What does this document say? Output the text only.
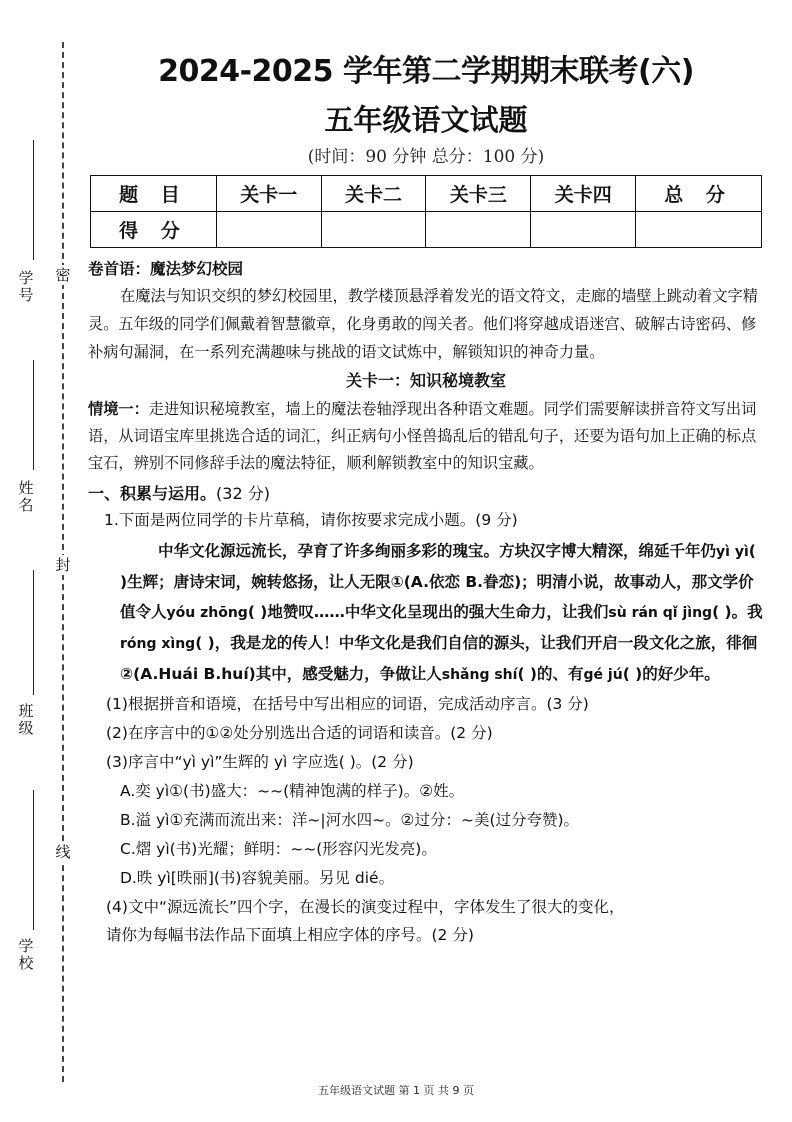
密
封
线
学号
姓名
班级
学校
2024-2025 学年第二学期期末联考(六)
五年级语文试题
(时间：90 分钟 总分：100 分)
题 目	关卡一	关卡二	关卡三	关卡四	总 分
得 分					
卷首语：魔法梦幻校园

在魔法与知识交织的梦幻校园里，教学楼顶悬浮着发光的语文符文，走廊的墙壁上跳动着文字精灵。五年级的同学们佩戴着智慧徽章，化身勇敢的闯关者。他们将穿越成语迷宫、破解古诗密码、修补病句漏洞，在一系列充满趣味与挑战的语文试炼中，解锁知识的神奇力量。

关卡一：知识秘境教室

情境一：走进知识秘境教室，墙上的魔法卷轴浮现出各种语文难题。同学们需要解读拼音符文写出词语，从词语宝库里挑选合适的词汇，纠正病句小怪兽捣乱后的错乱句子，还要为语句加上正确的标点宝石，辨别不同修辞手法的魔法特征，顺利解锁教室中的知识宝藏。

一、积累与运用。(32 分)
1.下面是两位同学的卡片草稿，请你按要求完成小题。(9 分)

中华文化源远流长，孕育了许多绚丽多彩的瑰宝。方块汉字博大精深，绵延千年仍yì yì( )生辉；唐诗宋词，婉转悠扬，让人无限①(A.依恋 B.眷恋)；明清小说，故事动人，那文学价值令人yóu zhōng( )地赞叹……中华文化呈现出的强大生命力，让我们sù rán qǐ jìng( )。我róng xìng( )，我是龙的传人！中华文化是我们自信的源头，让我们开启一段文化之旅，徘徊②(A.Huái B.huí)其中，感受魅力，争做让人shǎng shí( )的、有gé jú( )的好少年。

(1)根据拼音和语境，在括号中写出相应的词语，完成活动序言。(3 分)
(2)在序言中的①②处分别选出合适的词语和读音。(2 分)
(3)序言中“yì yì”生辉的 yì 字应选( )。(2 分)
A.奕 yì①(书)盛大：~~(精神饱满的样子)。②姓。
B.溢 yì①充满而流出来：洋~|河水四~。②过分：~美(过分夸赞)。
C.熠 yì(书)光耀；鲜明：~~(形容闪光发亮)。
D.昳 yì[昳丽](书)容貌美丽。另见 dié。
(4)文中“源远流长”四个字，在漫长的演变过程中，字体发生了很大的变化，
请你为每幅书法作品下面填上相应字体的序号。(2 分)
五年级语文试题 第 1 页 共 9 页
